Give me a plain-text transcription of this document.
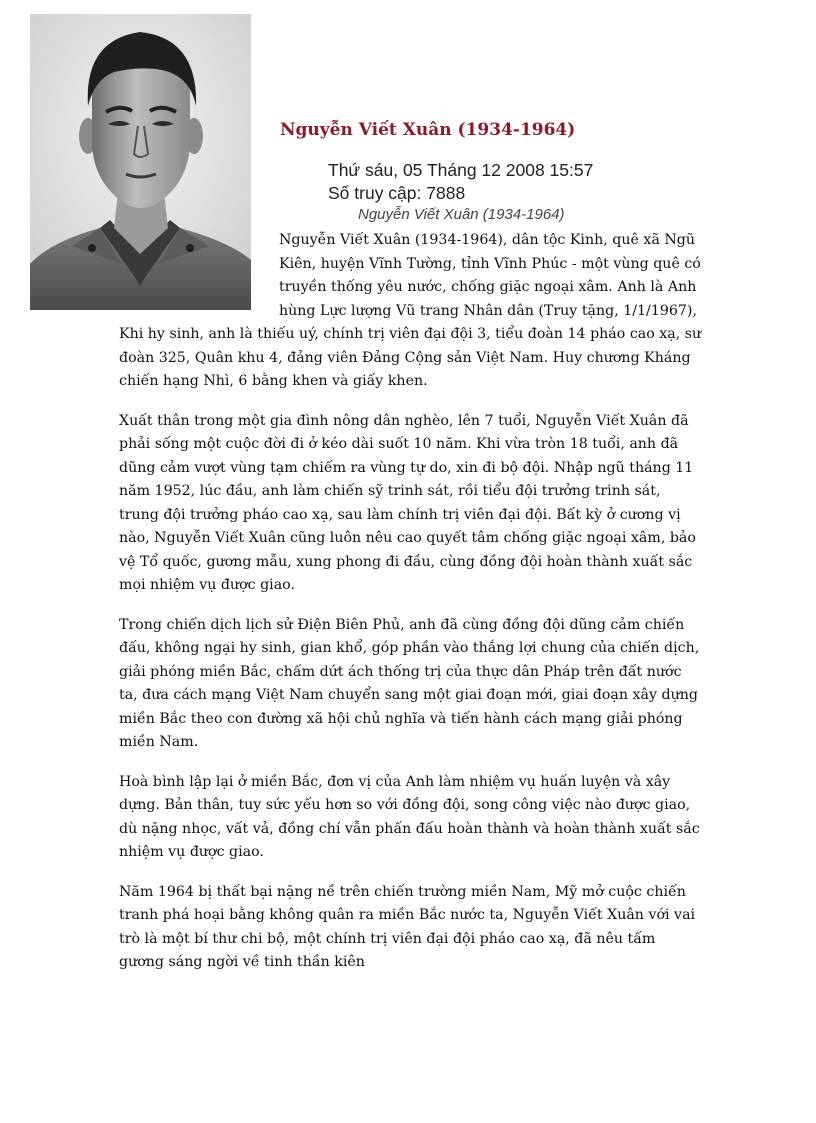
Nguyễn Viết Xuân (1934-1964)
Thứ sáu, 05 Tháng 12 2008 15:57
Số truy cập: 7888
Nguyễn Viết Xuân (1934-1964)

Nguyễn Viết Xuân (1934-1964), dân tộc Kinh, quê xã Ngũ Kiên, huyện Vĩnh Tường, tỉnh Vĩnh Phúc - một vùng quê có truyền thống yêu nước, chống giặc ngoại xâm. Anh là Anh hùng Lực lượng Vũ trang Nhân dân (Truy tặng, 1/1/1967), Khi hy sinh, anh là thiếu uý, chính trị viên đại đội 3, tiểu đoàn 14 pháo cao xạ, sư đoàn 325, Quân khu 4, đảng viên Đảng Cộng sản Việt Nam. Huy chương Kháng chiến hạng Nhì, 6 bằng khen và giấy khen.

Xuất thân trong một gia đình nông dân nghèo, lên 7 tuổi, Nguyễn Viết Xuân đã phải sống một cuộc đời đi ở kéo dài suốt 10 năm. Khi vừa tròn 18 tuổi, anh đã dũng cảm vượt vùng tạm chiếm ra vùng tự do, xin đi bộ đội. Nhập ngũ tháng 11 năm 1952, lúc đầu, anh làm chiến sỹ trinh sát, rồi tiểu đội trưởng trinh sát, trung đội trưởng pháo cao xạ, sau làm chính trị viên đại đội. Bất kỳ ở cương vị nào, Nguyễn Viết Xuân cũng luôn nêu cao quyết tâm chống giặc ngoại xâm, bảo vệ Tổ quốc, gương mẫu, xung phong đi đầu, cùng đồng đội hoàn thành xuất sắc mọi nhiệm vụ được giao.

Trong chiến dịch lịch sử Điện Biên Phủ, anh đã cùng đồng đội dũng cảm chiến đấu, không ngại hy sinh, gian khổ, góp phần vào thắng lợi chung của chiến dịch, giải phóng miền Bắc, chấm dứt ách thống trị của thực dân Pháp trên đất nước ta, đưa cách mạng Việt Nam chuyển sang một giai đoạn mới, giai đoạn xây dựng miền Bắc theo con đường xã hội chủ nghĩa và tiến hành cách mạng giải phóng miền Nam.

Hoà bình lập lại ở miền Bắc, đơn vị của Anh làm nhiệm vụ huấn luyện và xây dựng. Bản thân, tuy sức yếu hơn so với đồng đội, song công việc nào được giao, dù nặng nhọc, vất vả, đồng chí vẫn phấn đấu hoàn thành và hoàn thành xuất sắc nhiệm vụ được giao.

Năm 1964 bị thất bại nặng nề trên chiến trường miền Nam, Mỹ mở cuộc chiến tranh phá hoại bằng không quân ra miền Bắc nước ta, Nguyễn Viết Xuân với vai trò là một bí thư chi bộ, một chính trị viên đại đội pháo cao xạ, đã nêu tấm gương sáng ngời về tinh thần kiên
